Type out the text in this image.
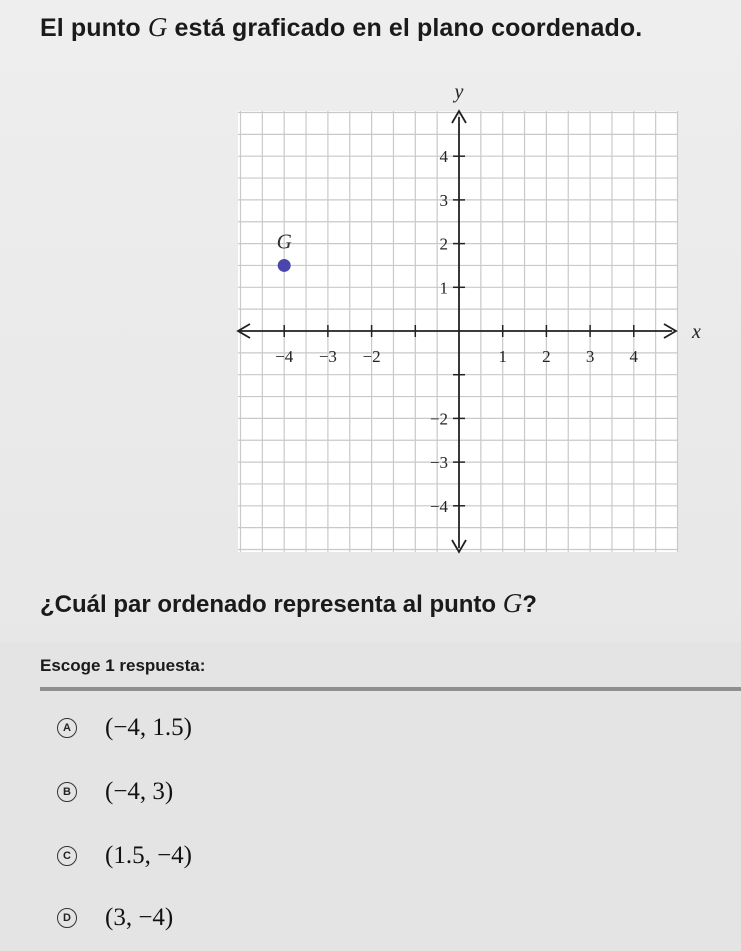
El punto G está graficado en el plano coordenado.
−4 −3 −2	1 2 3 4
4
3
2
1
−2
−3
−4
y
x
G

¿Cuál par ordenado representa al punto G?

Escoge 1 respuesta:
A (−4, 1.5)
B (−4, 3)
C (1.5, −4)
D (3, −4)
